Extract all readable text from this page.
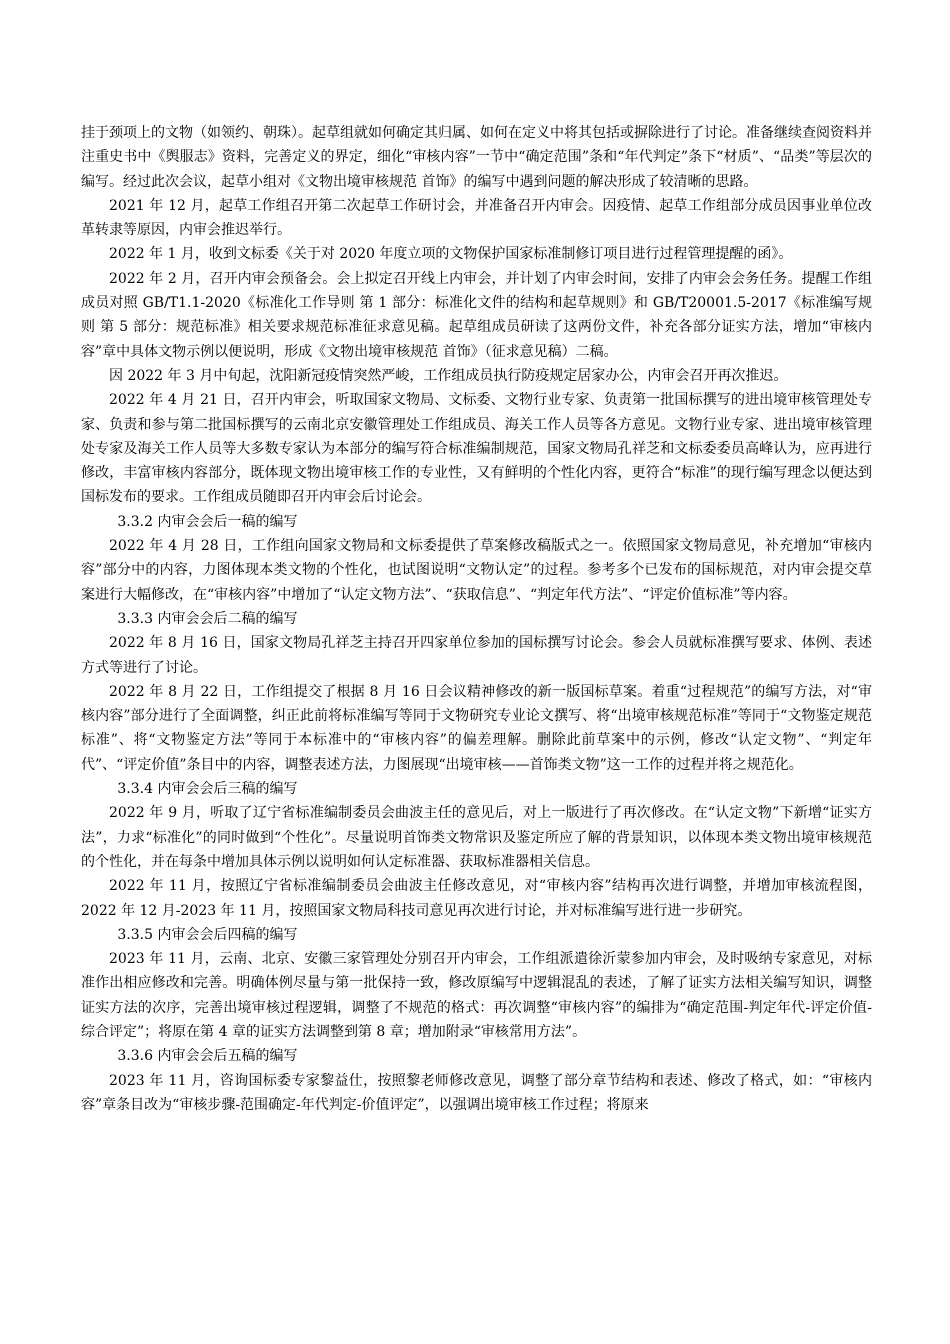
挂于颈项上的文物（如领约、朝珠）。起草组就如何确定其归属、如何在定义中将其包括或摒除进行了讨论。准备继续查阅资料并注重史书中《舆服志》资料，完善定义的界定，细化“审核内容”一节中“确定范围”条和“年代判定”条下“材质”、“品类”等层次的编写。经过此次会议，起草小组对《文物出境审核规范 首饰》的编写中遇到问题的解决形成了较清晰的思路。

2021 年 12 月，起草工作组召开第二次起草工作研讨会，并准备召开内审会。因疫情、起草工作组部分成员因事业单位改革转隶等原因，内审会推迟举行。

2022 年 1 月，收到文标委《关于对 2020 年度立项的文物保护国家标准制修订项目进行过程管理提醒的函》。

2022 年 2 月，召开内审会预备会。会上拟定召开线上内审会，并计划了内审会时间，安排了内审会会务任务。提醒工作组成员对照 GB/T1.1-2020《标准化工作导则 第 1 部分：标准化文件的结构和起草规则》和 GB/T20001.5-2017《标准编写规则 第 5 部分：规范标准》相关要求规范标准征求意见稿。起草组成员研读了这两份文件，补充各部分证实方法，增加“审核内容”章中具体文物示例以便说明，形成《文物出境审核规范 首饰》（征求意见稿）二稿。

因 2022 年 3 月中旬起，沈阳新冠疫情突然严峻，工作组成员执行防疫规定居家办公，内审会召开再次推迟。

2022 年 4 月 21 日，召开内审会，听取国家文物局、文标委、文物行业专家、负责第一批国标撰写的进出境审核管理处专家、负责和参与第二批国标撰写的云南北京安徽管理处工作组成员、海关工作人员等各方意见。文物行业专家、进出境审核管理处专家及海关工作人员等大多数专家认为本部分的编写符合标准编制规范，国家文物局孔祥芝和文标委委员高峰认为，应再进行修改，丰富审核内容部分，既体现文物出境审核工作的专业性，又有鲜明的个性化内容，更符合“标准”的现行编写理念以便达到国标发布的要求。工作组成员随即召开内审会后讨论会。

3.3.2 内审会会后一稿的编写

2022 年 4 月 28 日，工作组向国家文物局和文标委提供了草案修改稿版式之一。依照国家文物局意见，补充增加“审核内容”部分中的内容，力图体现本类文物的个性化，也试图说明“文物认定”的过程。参考多个已发布的国标规范，对内审会提交草案进行大幅修改，在“审核内容”中增加了“认定文物方法”、“获取信息”、“判定年代方法”、“评定价值标准”等内容。

3.3.3 内审会会后二稿的编写

2022 年 8 月 16 日，国家文物局孔祥芝主持召开四家单位参加的国标撰写讨论会。参会人员就标准撰写要求、体例、表述方式等进行了讨论。

2022 年 8 月 22 日，工作组提交了根据 8 月 16 日会议精神修改的新一版国标草案。着重“过程规范”的编写方法，对“审核内容”部分进行了全面调整，纠正此前将标准编写等同于文物研究专业论文撰写、将“出境审核规范标准”等同于“文物鉴定规范标准”、将“文物鉴定方法”等同于本标准中的“审核内容”的偏差理解。删除此前草案中的示例，修改“认定文物”、“判定年代”、“评定价值”条目中的内容，调整表述方法，力图展现“出境审核——首饰类文物”这一工作的过程并将之规范化。

3.3.4 内审会会后三稿的编写

2022 年 9 月，听取了辽宁省标准编制委员会曲波主任的意见后，对上一版进行了再次修改。在“认定文物”下新增“证实方法”，力求“标准化”的同时做到“个性化”。尽量说明首饰类文物常识及鉴定所应了解的背景知识，以体现本类文物出境审核规范的个性化，并在每条中增加具体示例以说明如何认定标准器、获取标准器相关信息。

2022 年 11 月，按照辽宁省标准编制委员会曲波主任修改意见，对“审核内容”结构再次进行调整，并增加审核流程图，2022 年 12 月-2023 年 11 月，按照国家文物局科技司意见再次进行讨论，并对标准编写进行进一步研究。

3.3.5 内审会会后四稿的编写

2023 年 11 月，云南、北京、安徽三家管理处分别召开内审会，工作组派遣徐沂蒙参加内审会，及时吸纳专家意见，对标准作出相应修改和完善。明确体例尽量与第一批保持一致，修改原编写中逻辑混乱的表述，了解了证实方法相关编写知识，调整证实方法的次序，完善出境审核过程逻辑，调整了不规范的格式：再次调整“审核内容”的编排为“确定范围-判定年代-评定价值-综合评定”；将原在第 4 章的证实方法调整到第 8 章；增加附录“审核常用方法”。

3.3.6 内审会会后五稿的编写

2023 年 11 月，咨询国标委专家黎益仕，按照黎老师修改意见，调整了部分章节结构和表述、修改了格式，如：“审核内容”章条目改为“审核步骤-范围确定-年代判定-价值评定”，以强调出境审核工作过程；将原来
